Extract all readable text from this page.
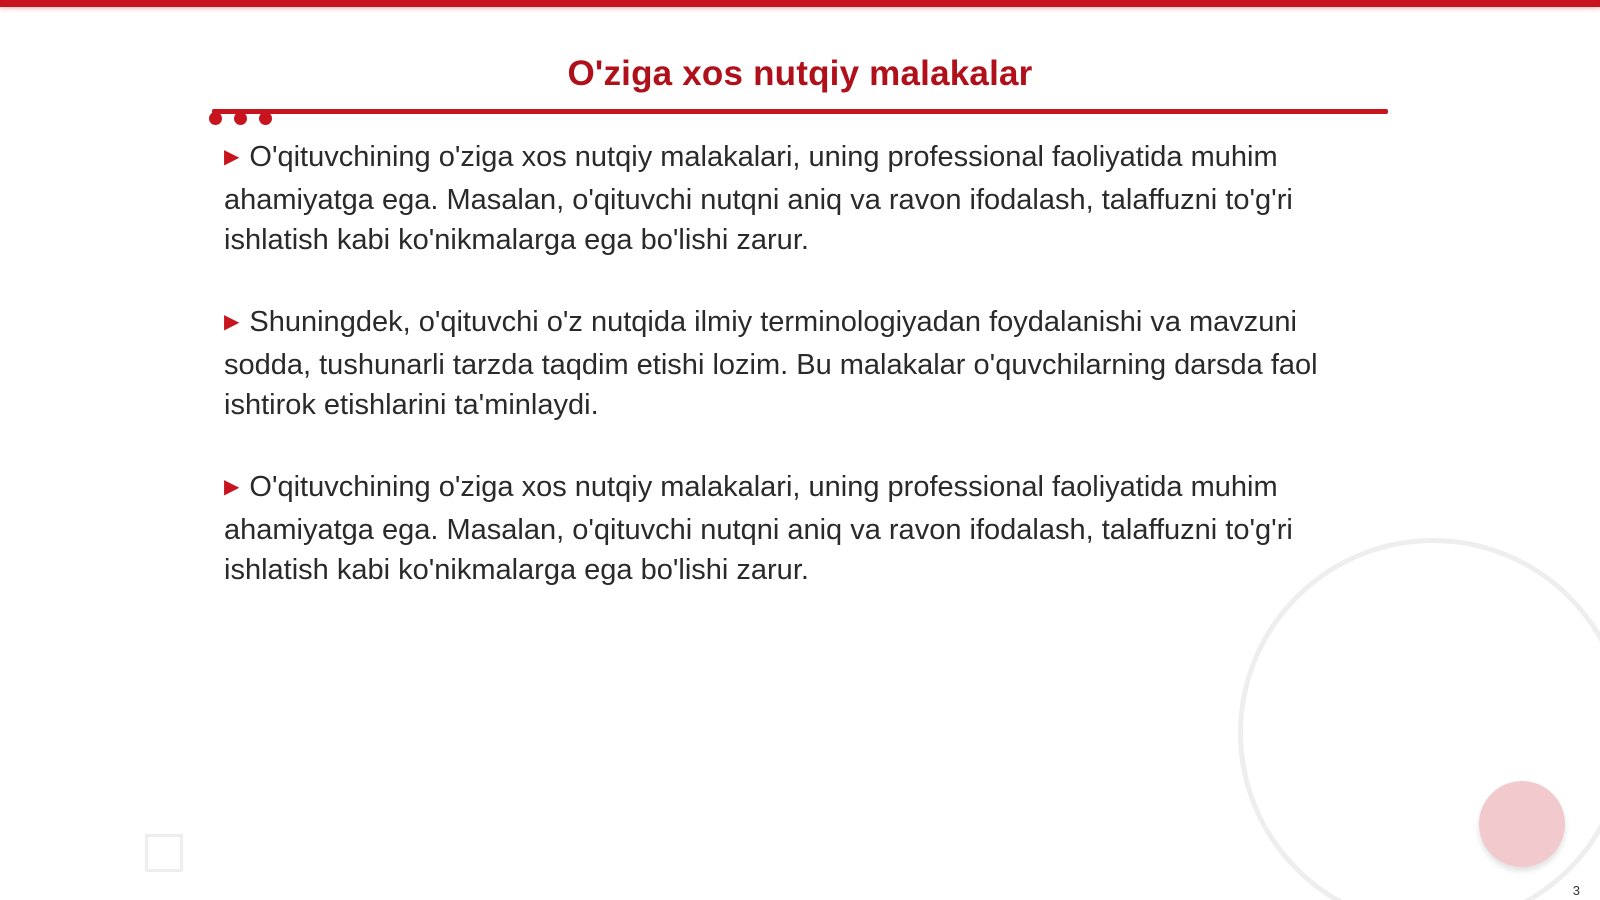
O'ziga xos nutqiy malakalar
▶ O'qituvchining o'ziga xos nutqiy malakalari, uning professional faoliyatida muhim ahamiyatga ega. Masalan, o'qituvchi nutqni aniq va ravon ifodalash, talaffuzni to'g'ri ishlatish kabi ko'nikmalarga ega bo'lishi zarur.
▶ Shuningdek, o'qituvchi o'z nutqida ilmiy terminologiyadan foydalanishi va mavzuni sodda, tushunarli tarzda taqdim etishi lozim. Bu malakalar o'quvchilarning darsda faol ishtirok etishlarini ta'minlaydi.
▶ O'qituvchining o'ziga xos nutqiy malakalari, uning professional faoliyatida muhim ahamiyatga ega. Masalan, o'qituvchi nutqni aniq va ravon ifodalash, talaffuzni to'g'ri ishlatish kabi ko'nikmalarga ega bo'lishi zarur.
3
